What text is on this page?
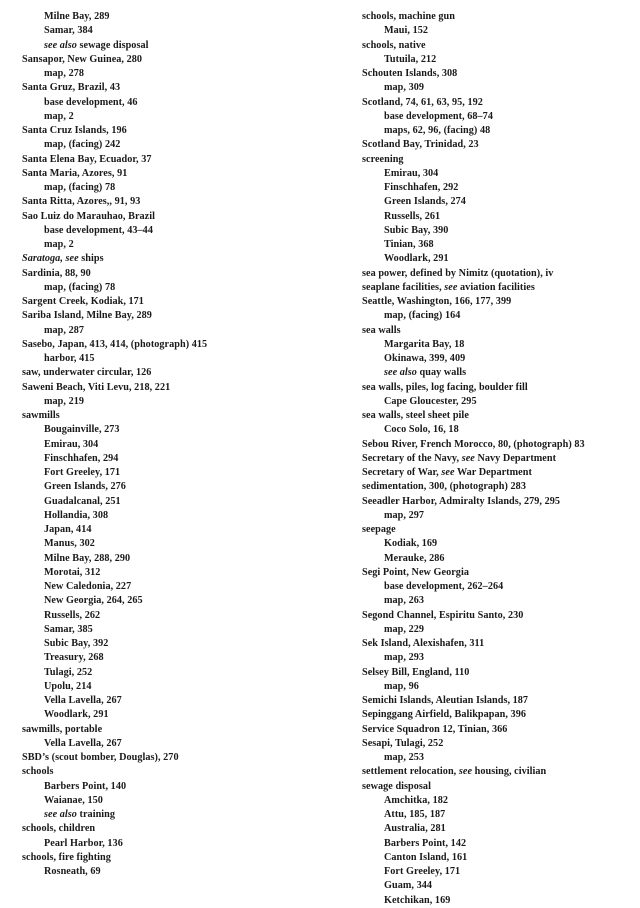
Milne Bay, 289
Samar, 384
see also sewage disposal
Sansapor, New Guinea, 280
map, 278
Santa Gruz, Brazil, 43
base development, 46
map, 2
Santa Cruz Islands, 196
map, (facing) 242
Santa Elena Bay, Ecuador, 37
Santa Maria, Azores, 91
map, (facing) 78
Santa Ritta, Azores,, 91, 93
Sao Luiz do Marauhao, Brazil
base development, 43–44
map, 2
Saratoga, see ships
Sardinia, 88, 90
map, (facing) 78
Sargent Creek, Kodiak, 171
Sariba Island, Milne Bay, 289
map, 287
Sasebo, Japan, 413, 414, (photograph) 415
harbor, 415
saw, underwater circular, 126
Saweni Beach, Viti Levu, 218, 221
map, 219
sawmills
Bougainville, 273
Emirau, 304
Finschhafen, 294
Fort Greeley, 171
Green Islands, 276
Guadalcanal, 251
Hollandia, 308
Japan, 414
Manus, 302
Milne Bay, 288, 290
Morotai, 312
New Caledonia, 227
New Georgia, 264, 265
Russells, 262
Samar, 385
Subic Bay, 392
Treasury, 268
Tulagi, 252
Upolu, 214
Vella Lavella, 267
Woodlark, 291
sawmills, portable
Vella Lavella, 267
SBD’s (scout bomber, Douglas), 270
schools
Barbers Point, 140
Waianae, 150
see also training
schools, children
Pearl Harbor, 136
schools, fire fighting
Rosneath, 69
schools, machine gun
Maui, 152
schools, native
Tutuila, 212
Schouten Islands, 308
map, 309
Scotland, 74, 61, 63, 95, 192
base development, 68–74
maps, 62, 96, (facing) 48
Scotland Bay, Trinidad, 23
screening
Emirau, 304
Finschhafen, 292
Green Islands, 274
Russells, 261
Subic Bay, 390
Tinian, 368
Woodlark, 291
sea power, defined by Nimitz (quotation), iv
seaplane facilities, see aviation facilities
Seattle, Washington, 166, 177, 399
map, (facing) 164
sea walls
Margarita Bay, 18
Okinawa, 399, 409
see also quay walls
sea walls, piles, log facing, boulder fill
Cape Gloucester, 295
sea walls, steel sheet pile
Coco Solo, 16, 18
Sebou River, French Morocco, 80, (photograph) 83
Secretary of the Navy, see Navy Department
Secretary of War, see War Department
sedimentation, 300, (photograph) 283
Seeadler Harbor, Admiralty Islands, 279, 295
map, 297
seepage
Kodiak, 169
Merauke, 286
Segi Point, New Georgia
base development, 262–264
map, 263
Segond Channel, Espiritu Santo, 230
map, 229
Sek Island, Alexishafen, 311
map, 293
Selsey Bill, England, 110
map, 96
Semichi Islands, Aleutian Islands, 187
Sepinggang Airfield, Balikpapan, 396
Service Squadron 12, Tinian, 366
Sesapi, Tulagi, 252
map, 253
settlement relocation, see housing, civilian
sewage disposal
Amchitka, 182
Attu, 185, 187
Australia, 281
Barbers Point, 142
Canton Island, 161
Fort Greeley, 171
Guam, 344
Ketchikan, 169
